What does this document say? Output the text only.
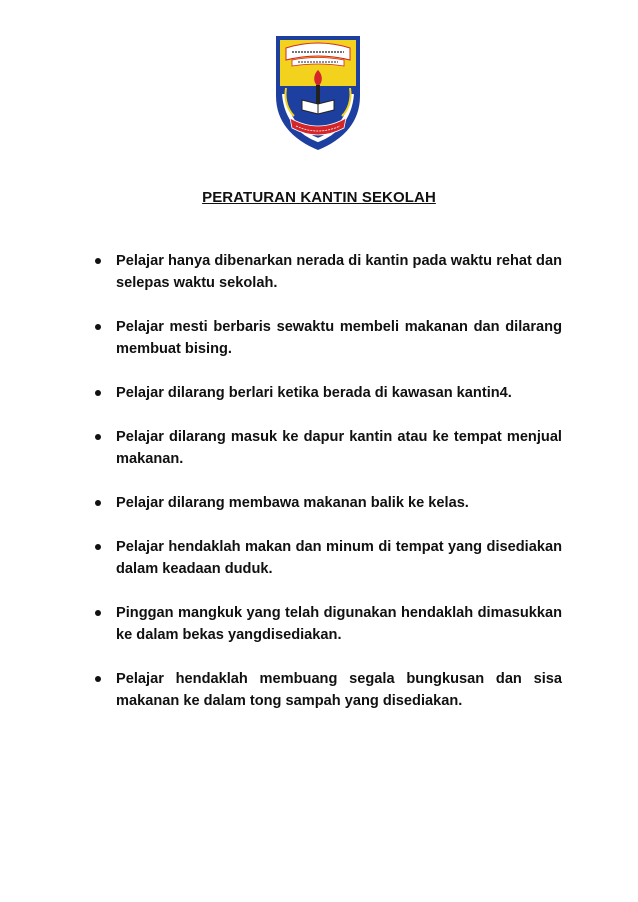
PERATURAN KANTIN SEKOLAH
Pelajar hanya dibenarkan nerada di kantin pada waktu rehat dan selepas waktu sekolah.
Pelajar mesti berbaris sewaktu membeli makanan dan dilarang membuat bising.
Pelajar dilarang berlari ketika berada di kawasan kantin4.
Pelajar dilarang masuk ke dapur kantin atau ke tempat menjual makanan.
Pelajar dilarang membawa makanan balik ke kelas.
Pelajar hendaklah makan dan minum di tempat yang disediakan dalam keadaan duduk.
Pinggan mangkuk yang telah digunakan hendaklah dimasukkan ke dalam bekas yangdisediakan.
Pelajar hendaklah membuang segala bungkusan dan sisa makanan ke dalam tong sampah yang disediakan.
